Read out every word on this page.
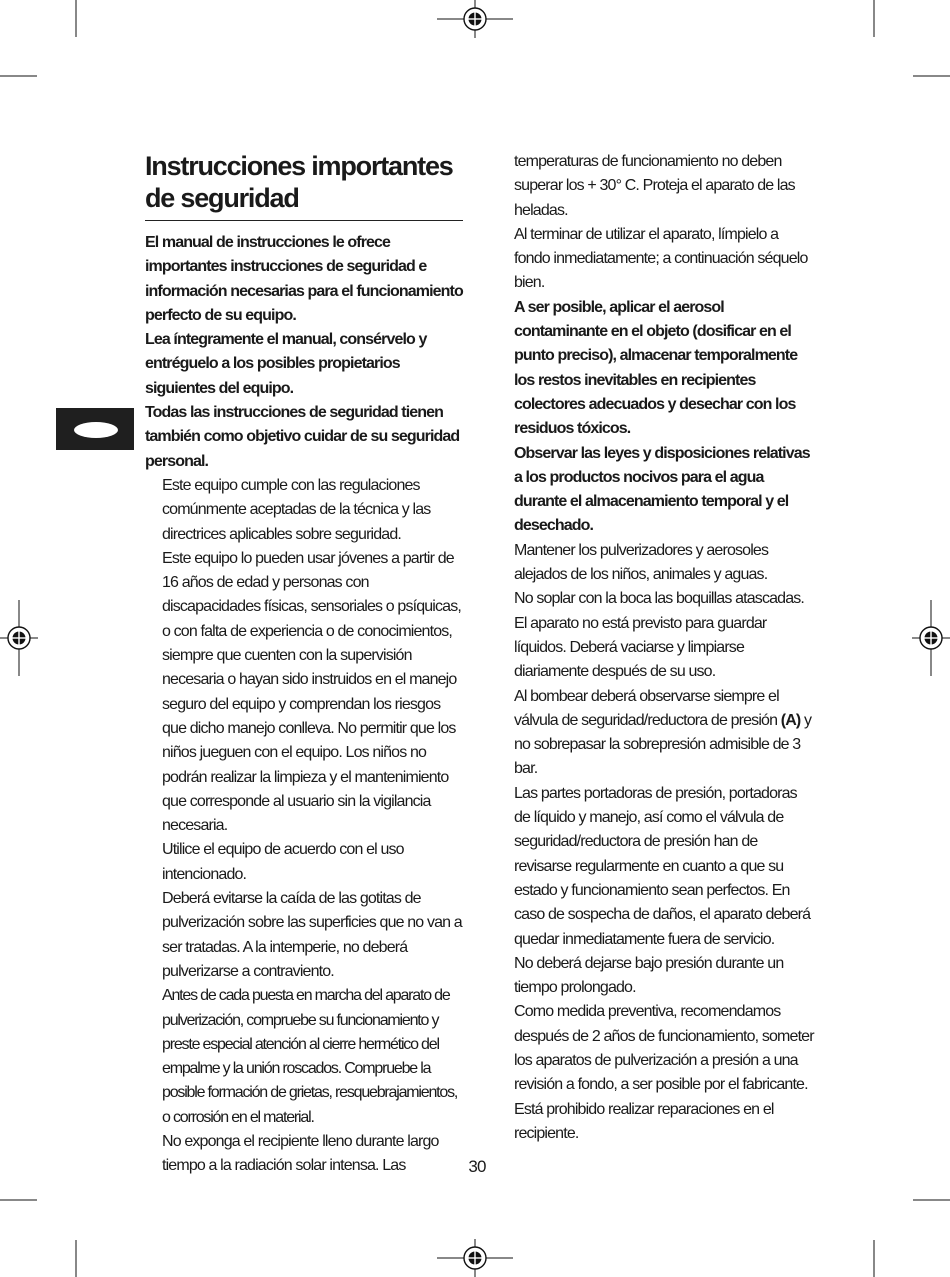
Instrucciones importantes de seguridad

El manual de instrucciones le ofrece importantes instrucciones de seguridad e información necesarias para el funcionamiento perfecto de su equipo.

Lea íntegramente el manual, consérvelo y entréguelo a los posibles propietarios siguientes del equipo.

Todas las instrucciones de seguridad tienen también como objetivo cuidar de su seguridad personal.

Este equipo cumple con las regulaciones comúnmente aceptadas de la técnica y las directrices aplicables sobre seguridad.

Este equipo lo pueden usar jóvenes a partir de 16 años de edad y personas con discapacidades físicas, sensoriales o psíquicas, o con falta de experiencia o de conocimientos, siempre que cuenten con la supervisión necesaria o hayan sido instruidos en el manejo seguro del equipo y comprendan los riesgos que dicho manejo conlleva. No permitir que los niños jueguen con el equipo. Los niños no podrán realizar la limpieza y el mantenimiento que corresponde al usuario sin la vigilancia necesaria.

Utilice el equipo de acuerdo con el uso intencionado.

Deberá evitarse la caída de las gotitas de pulverización sobre las superficies que no van a ser tratadas. A la intemperie, no deberá pulverizarse a contraviento.

Antes de cada puesta en marcha del aparato de pulverización, compruebe su funcionamiento y preste especial atención al cierre hermético del empalme y la unión roscados. Compruebe la posible formación de grietas, resquebrajamientos, o corrosión en el material.

No exponga el recipiente lleno durante largo tiempo a la radiación solar intensa. Las

temperaturas de funcionamiento no deben superar los + 30° C. Proteja el aparato de las heladas.

Al terminar de utilizar el aparato, límpielo a fondo inmediatamente; a continuación séquelo bien.

A ser posible, aplicar el aerosol contaminante en el objeto (dosificar en el punto preciso), almacenar temporalmente los restos inevitables en recipientes colectores adecuados y desechar con los residuos tóxicos.

Observar las leyes y disposiciones relativas a los productos nocivos para el agua durante el almacenamiento temporal y el desechado.

Mantener los pulverizadores y aerosoles alejados de los niños, animales y aguas.

No soplar con la boca las boquillas atascadas.

El aparato no está previsto para guardar líquidos. Deberá vaciarse y limpiarse diariamente después de su uso.

Al bombear deberá observarse siempre el válvula de seguridad/reductora de presión (A) y no sobrepasar la sobrepresión admisible de 3 bar.

Las partes portadoras de presión, portadoras de líquido y manejo, así como el válvula de seguridad/reductora de presión han de revisarse regularmente en cuanto a que su estado y funcionamiento sean perfectos. En caso de sospecha de daños, el aparato deberá quedar inmediatamente fuera de servicio.

No deberá dejarse bajo presión durante un tiempo prolongado.

Como medida preventiva, recomendamos después de 2 años de funcionamiento, someter los aparatos de pulverización a presión a una revisión a fondo, a ser posible por el fabricante. Está prohibido realizar reparaciones en el recipiente.

30
